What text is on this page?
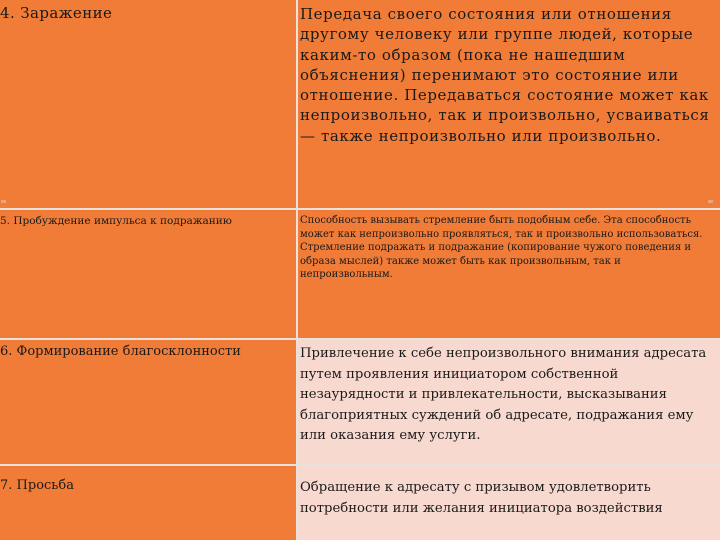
4. Заражение	Передача своего состояния или отношения другому человеку или группе людей, которые каким-то образом (пока не нашедшим объяснения) перенимают это состояние или отношение. Передаваться состояние может как непроизвольно, так и произвольно, усваиваться — также непроизвольно или произвольно.
5. Пробуждение импульса к подражанию	Способность вызывать стремление быть подобным себе. Эта способность может как непроизвольно проявляться, так и произвольно использоваться. Стремление подражать и подражание (копирование чужого поведения и образа мыслей) также может быть как произвольным, так и непроизвольным.
6. Формирование благосклонности	Привлечение к себе непроизвольного внимания адресата путем проявления инициатором собственной незаурядности и привлекательности, высказывания благоприятных суждений об адресате, подражания ему или оказания ему услуги.
7. Просьба	Обращение к адресату с призывом удовлетворить потребности или желания инициатора воздействия
